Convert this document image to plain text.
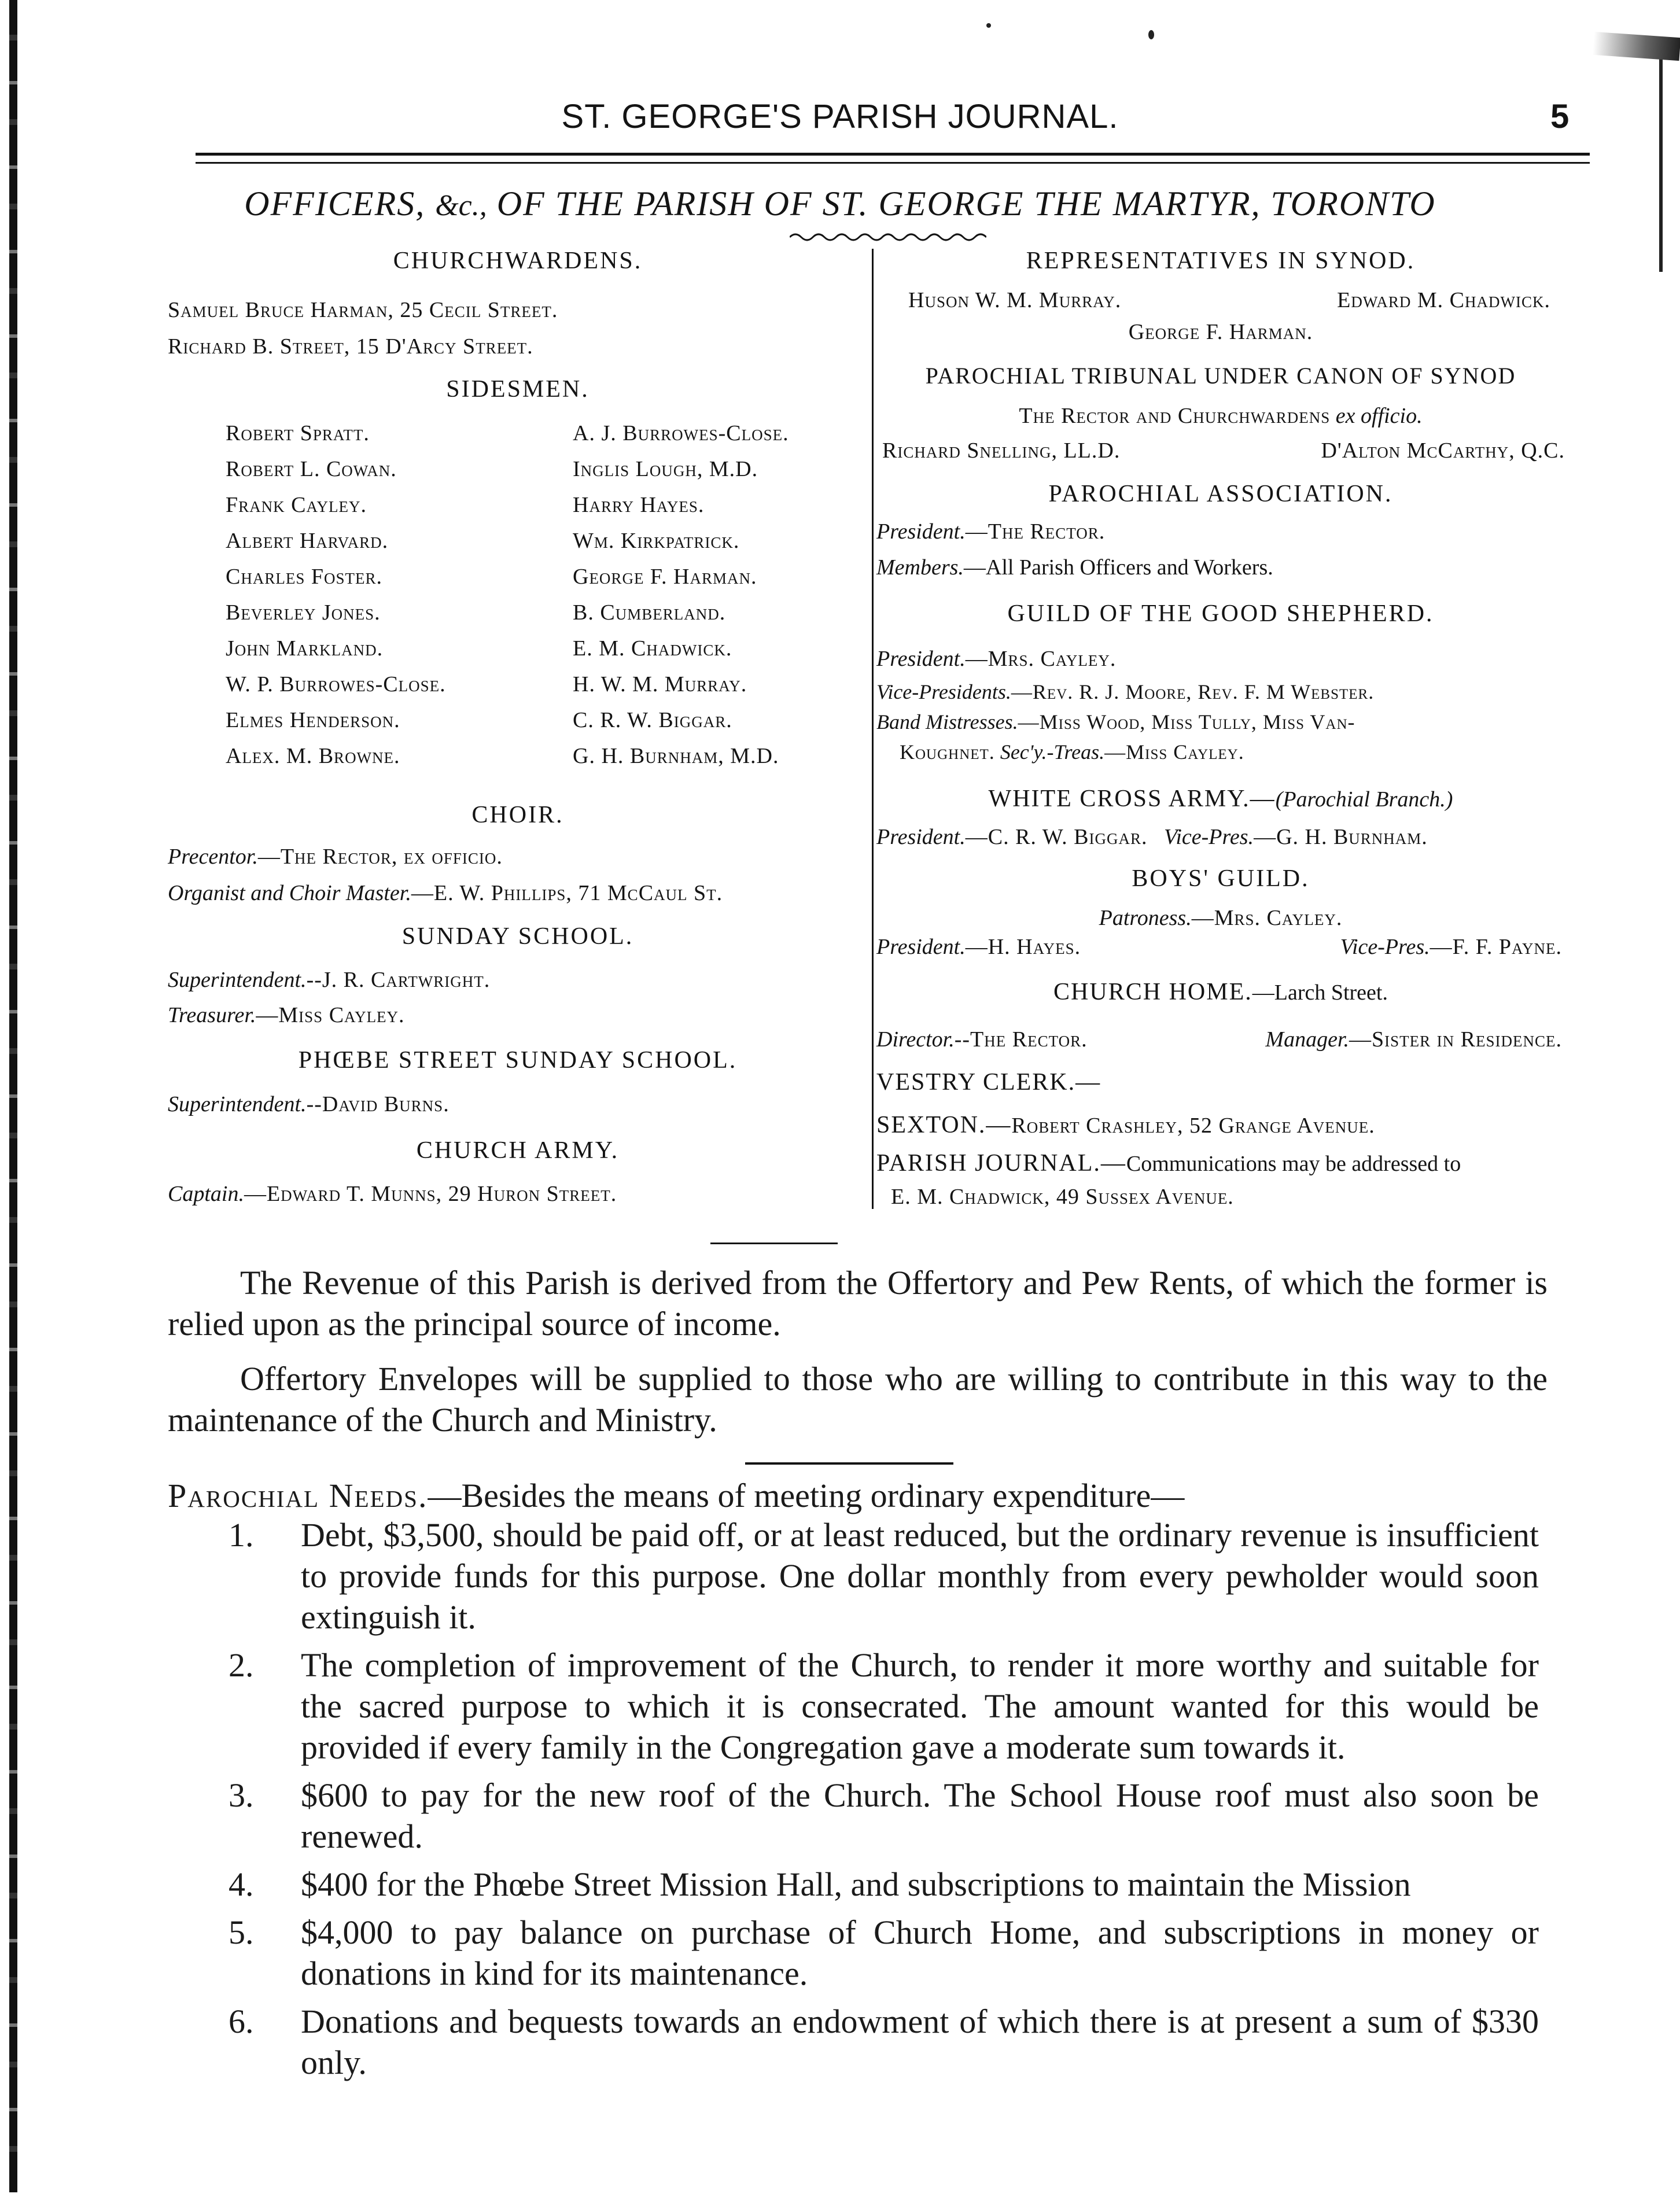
ST. GEORGE'S PARISH JOURNAL.	5
OFFICERS, &c., OF THE PARISH OF ST. GEORGE THE MARTYR, TORONTO
CHURCHWARDENS.
Samuel Bruce Harman, 25 Cecil Street.
Richard B. Street, 15 D'Arcy Street.
SIDESMEN.
Robert Spratt.	A. J. Burrowes-Close.
Robert L. Cowan.	Inglis Lough, M.D.
Frank Cayley.	Harry Hayes.
Albert Harvard.	Wm. Kirkpatrick.
Charles Foster.	George F. Harman.
Beverley Jones.	B. Cumberland.
John Markland.	E. M. Chadwick.
W. P. Burrowes-Close.	H. W. M. Murray.
Elmes Henderson.	C. R. W. Biggar.
Alex. M. Browne.	G. H. Burnham, M.D.
CHOIR.
Precentor.—The Rector, ex officio.
Organist and Choir Master.—E. W. Phillips, 71 McCaul St.
SUNDAY SCHOOL.
Superintendent.--J. R. Cartwright.
Treasurer.—Miss Cayley.
PHŒBE STREET SUNDAY SCHOOL.
Superintendent.--David Burns.
CHURCH ARMY.
Captain.—Edward T. Munns, 29 Huron Street.
REPRESENTATIVES IN SYNOD.
Huson W. M. Murray.	Edward M. Chadwick.
George F. Harman.
PAROCHIAL TRIBUNAL UNDER CANON OF SYNOD
The Rector and Churchwardens ex officio.
Richard Snelling, LL.D.	D'Alton McCarthy, Q.C.
PAROCHIAL ASSOCIATION.
President.—The Rector.
Members.—All Parish Officers and Workers.
GUILD OF THE GOOD SHEPHERD.
President.—Mrs. Cayley.
Vice-Presidents.—Rev. R. J. Moore, Rev. F. M Webster.
Band Mistresses.—Miss Wood, Miss Tully, Miss Van-
Koughnet. Sec'y.-Treas.—Miss Cayley.
WHITE CROSS ARMY.—(Parochial Branch.)
President.—C. R. W. Biggar. Vice-Pres.—G. H. Burnham.
BOYS' GUILD.
Patroness.—Mrs. Cayley.
President.—H. Hayes.	Vice-Pres.—F. F. Payne.
CHURCH HOME.—Larch Street.
Director.--The Rector.	Manager.—Sister in Residence.
VESTRY CLERK.—
SEXTON.—Robert Crashley, 52 Grange Avenue.
PARISH JOURNAL.—Communications may be addressed to
E. M. Chadwick, 49 Sussex Avenue.
The Revenue of this Parish is derived from the Offertory and Pew Rents, of which the former is relied upon as the principal source of income.
Offertory Envelopes will be supplied to those who are willing to contribute in this way to the maintenance of the Church and Ministry.
Parochial Needs.—Besides the means of meeting ordinary expenditure—
1. Debt, $3,500, should be paid off, or at least reduced, but the ordinary revenue is insufficient to provide funds for this purpose. One dollar monthly from every pewholder would soon extinguish it.
2. The completion of improvement of the Church, to render it more worthy and suitable for the sacred purpose to which it is consecrated. The amount wanted for this would be provided if every family in the Congregation gave a moderate sum towards it.
3. $600 to pay for the new roof of the Church. The School House roof must also soon be renewed.
4. $400 for the Phœbe Street Mission Hall, and subscriptions to maintain the Mission
5. $4,000 to pay balance on purchase of Church Home, and subscriptions in money or donations in kind for its maintenance.
6. Donations and bequests towards an endowment of which there is at present a sum of $330 only.
